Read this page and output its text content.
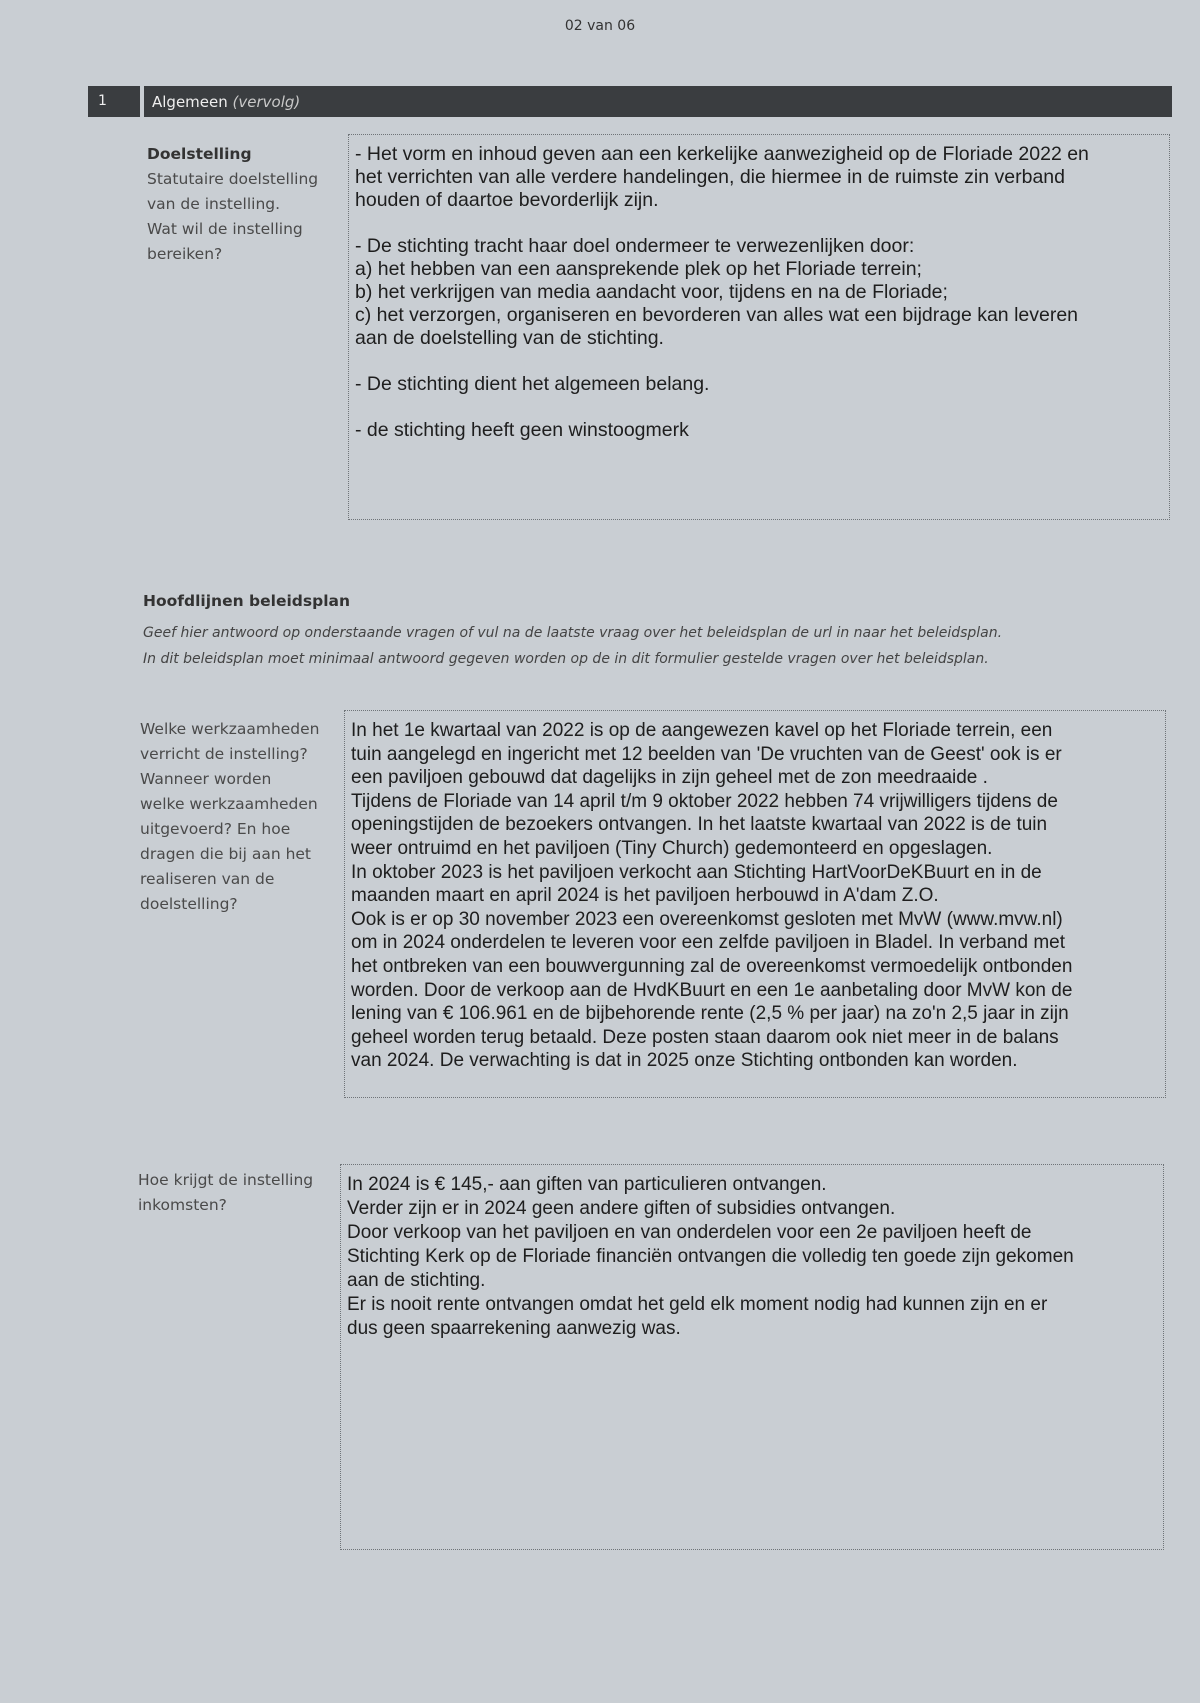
02 van 06
1	Algemeen (vervolg)
Doelstelling
Statutaire doelstelling
van de instelling.
Wat wil de instelling
bereiken?
- Het vorm en inhoud geven aan een kerkelijke aanwezigheid op de Floriade 2022 en
het verrichten van alle verdere handelingen, die hiermee in de ruimste zin verband
houden of daartoe bevorderlijk zijn.
- De stichting tracht haar doel ondermeer te verwezenlijken door:
a) het hebben van een aansprekende plek op het Floriade terrein;
b) het verkrijgen van media aandacht voor, tijdens en na de Floriade;
c) het verzorgen, organiseren en bevorderen van alles wat een bijdrage kan leveren
aan de doelstelling van de stichting.
- De stichting dient het algemeen belang.
- de stichting heeft geen winstoogmerk
Hoofdlijnen beleidsplan
Geef hier antwoord op onderstaande vragen of vul na de laatste vraag over het beleidsplan de url in naar het beleidsplan.
In dit beleidsplan moet minimaal antwoord gegeven worden op de in dit formulier gestelde vragen over het beleidsplan.
Welke werkzaamheden
verricht de instelling?
Wanneer worden
welke werkzaamheden
uitgevoerd? En hoe
dragen die bij aan het
realiseren van de
doelstelling?
In het 1e kwartaal van 2022 is op de aangewezen kavel op het Floriade terrein, een
tuin aangelegd en ingericht met 12 beelden van 'De vruchten van de Geest' ook is er
een paviljoen gebouwd dat dagelijks in zijn geheel met de zon meedraaide .
Tijdens de Floriade van 14 april t/m 9 oktober 2022 hebben 74 vrijwilligers tijdens de
openingstijden de bezoekers ontvangen. In het laatste kwartaal van 2022 is de tuin
weer ontruimd en het paviljoen (Tiny Church) gedemonteerd en opgeslagen.
In oktober 2023 is het paviljoen verkocht aan Stichting HartVoorDeKBuurt en in de
maanden maart en april 2024 is het paviljoen herbouwd in A'dam Z.O.
Ook is er op 30 november 2023 een overeenkomst gesloten met MvW (www.mvw.nl)
om in 2024 onderdelen te leveren voor een zelfde paviljoen in Bladel. In verband met
het ontbreken van een bouwvergunning zal de overeenkomst vermoedelijk ontbonden
worden. Door de verkoop aan de HvdKBuurt en een 1e aanbetaling door MvW kon de
lening van € 106.961 en de bijbehorende rente (2,5 % per jaar) na zo'n 2,5 jaar in zijn
geheel worden terug betaald. Deze posten staan daarom ook niet meer in de balans
van 2024. De verwachting is dat in 2025 onze Stichting ontbonden kan worden.
Hoe krijgt de instelling
inkomsten?
In 2024 is € 145,- aan giften van particulieren ontvangen.
Verder zijn er in 2024 geen andere giften of subsidies ontvangen.
Door verkoop van het paviljoen en van onderdelen voor een 2e paviljoen heeft de
Stichting Kerk op de Floriade financiën ontvangen die volledig ten goede zijn gekomen
aan de stichting.
Er is nooit rente ontvangen omdat het geld elk moment nodig had kunnen zijn en er
dus geen spaarrekening aanwezig was.
